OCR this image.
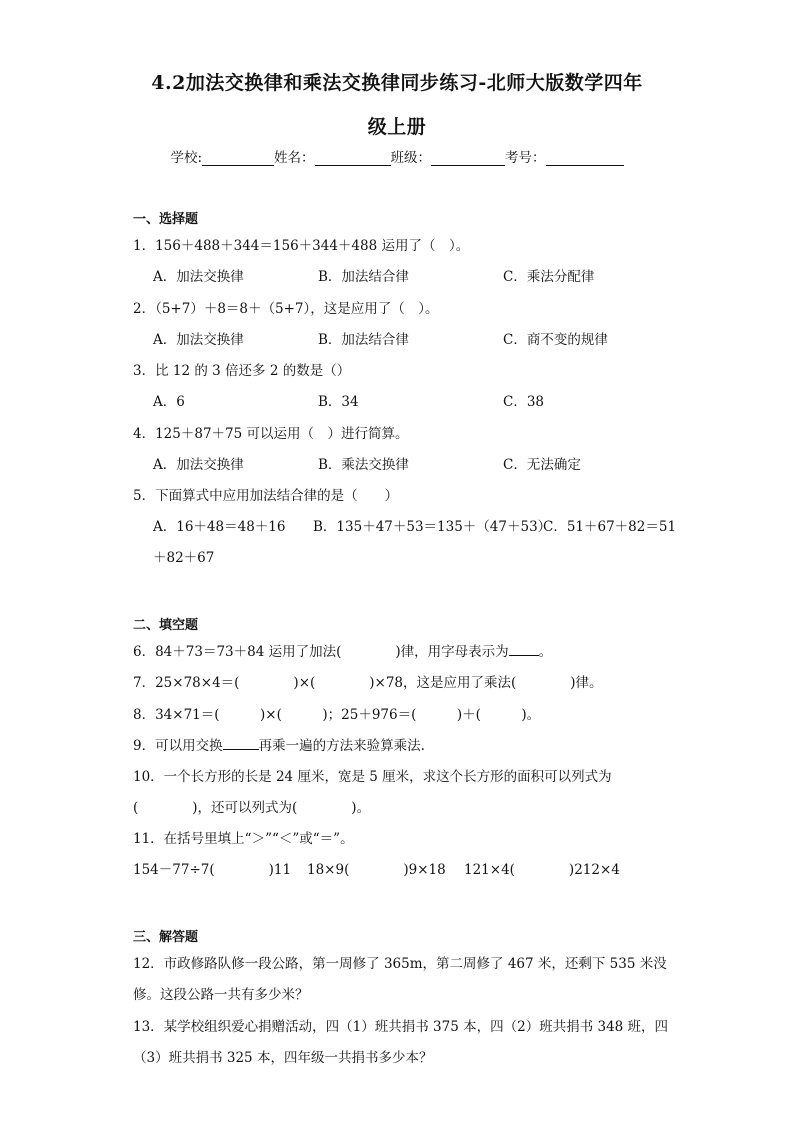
4.2加法交换律和乘法交换律同步练习-北师大版数学四年
级上册
学校:	姓名：	班级：	考号：
一、选择题
1．156＋488＋344＝156＋344＋488 运用了（　）。
A．加法交换律	B．加法结合律	C．乘法分配律
2．（5+7）＋8＝8＋（5+7），这是应用了（　）。
A．加法交换律	B．加法结合律	C．商不变的规律
3．比 12 的 3 倍还多 2 的数是（）
A．6	B．34	C．38
4．125＋87＋75 可以运用（　）进行简算。
A．加法交换律	B．乘法交换律	C．无法确定
5．下面算式中应用加法结合律的是（　　）
A．16＋48＝48＋16 B．135＋47＋53＝135＋（47＋53）
C．51＋67＋82＝51
＋82＋67
二、填空题
6．84＋73＝73＋84 运用了加法(　　　　)律，用字母表示为 。
7．25×78×4＝(　　　　)×(　　　　)×78，这是应用了乘法(　　　　)律。
8．34×71＝(　　　)×(　　　)；25＋976＝(　　　)＋(　　　)。
9．可以用交换	再乘一遍的方法来验算乘法.
10．一个长方形的长是 24 厘米，宽是 5 厘米，求这个长方形的面积可以列式为
(　　　　)，还可以列式为(　　　　)。
11．在括号里填上“＞”“＜”或“＝”。
154－77÷7(　　　　)11 18×9(　　　　)9×18 121×4(　　　　)212×4
三、解答题
12．市政修路队修一段公路，第一周修了 365m，第二周修了 467 米，还剩下 535 米没
修。这段公路一共有多少米？
13．某学校组织爱心捐赠活动，四（1）班共捐书 375 本，四（2）班共捐书 348 班，四
（3）班共捐书 325 本，四年级一共捐书多少本？
